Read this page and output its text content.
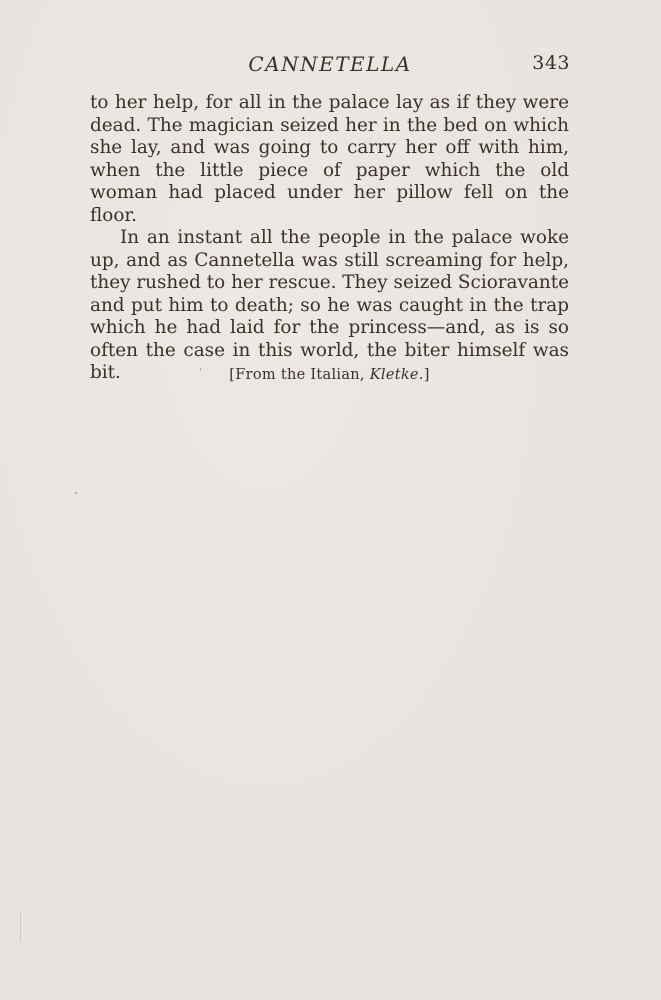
CANNETELLA	343

to her help, for all in the palace lay as if they were dead. The magician seized her in the bed on which she lay, and was going to carry her off with him, when the little piece of paper which the old woman had placed under her pillow fell on the floor.

In an instant all the people in the palace woke up, and as Cannetella was still screaming for help, they rushed to her rescue. They seized Scioravante and put him to death; so he was caught in the trap which he had laid for the princess—and, as is so often the case in this world, the biter himself was bit.	[From the Italian, Kletke.]
